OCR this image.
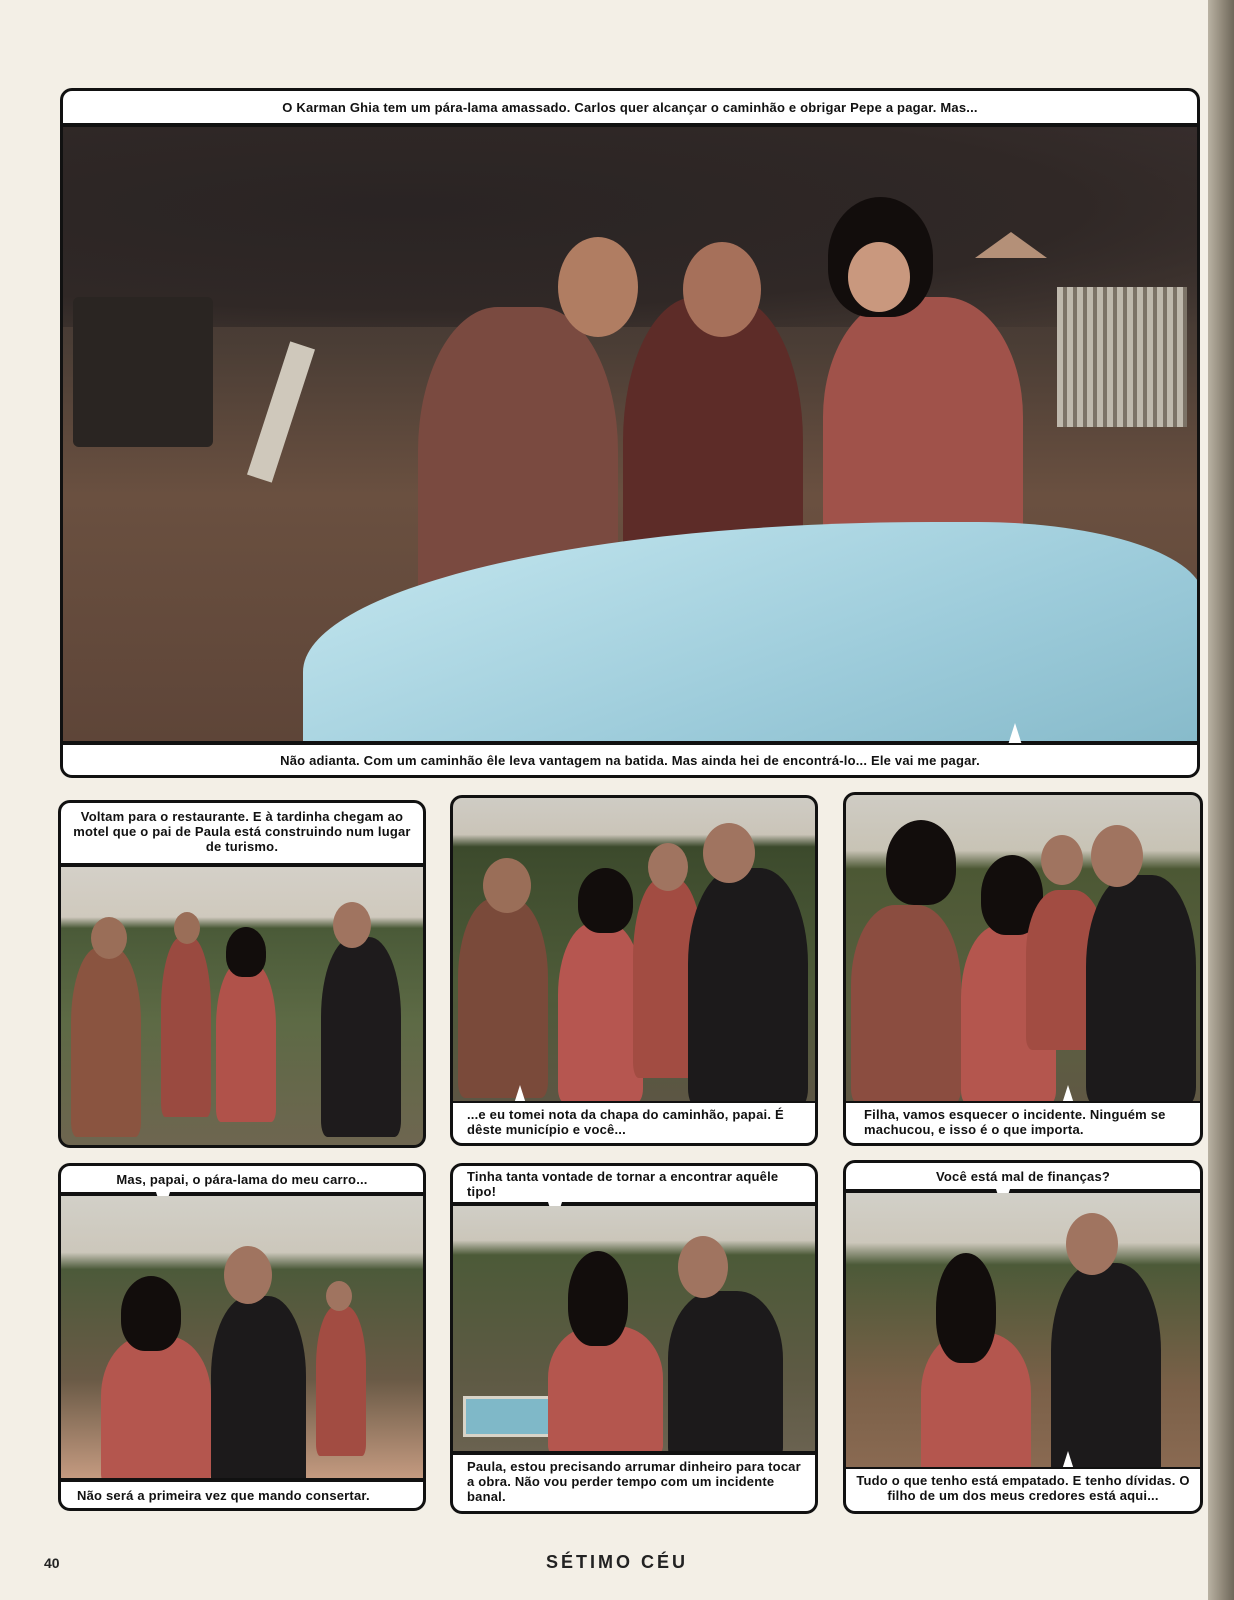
O Karman Ghia tem um pára-lama amassado. Carlos quer alcançar o caminhão e obrigar Pepe a pagar. Mas...
Não adianta. Com um caminhão êle leva vantagem na batida. Mas ainda hei de encontrá-lo... Ele vai me pagar.
Voltam para o restaurante. E à tardinha chegam ao motel que o pai de Paula está construindo num lugar de turismo.
...e eu tomei nota da chapa do caminhão, papai. É dêste município e você...
Filha, vamos esquecer o incidente. Ninguém se machucou, e isso é o que importa.
Mas, papai, o pára-lama do meu carro...
Não será a primeira vez que mando consertar.
Tinha tanta vontade de tornar a encontrar aquêle tipo!
Paula, estou precisando arrumar dinheiro para tocar a obra. Não vou perder tempo com um incidente banal.
Você está mal de finanças?
Tudo o que tenho está empatado. E tenho dívidas. O filho de um dos meus credores está aqui...
40	SÉTIMO CÉU
